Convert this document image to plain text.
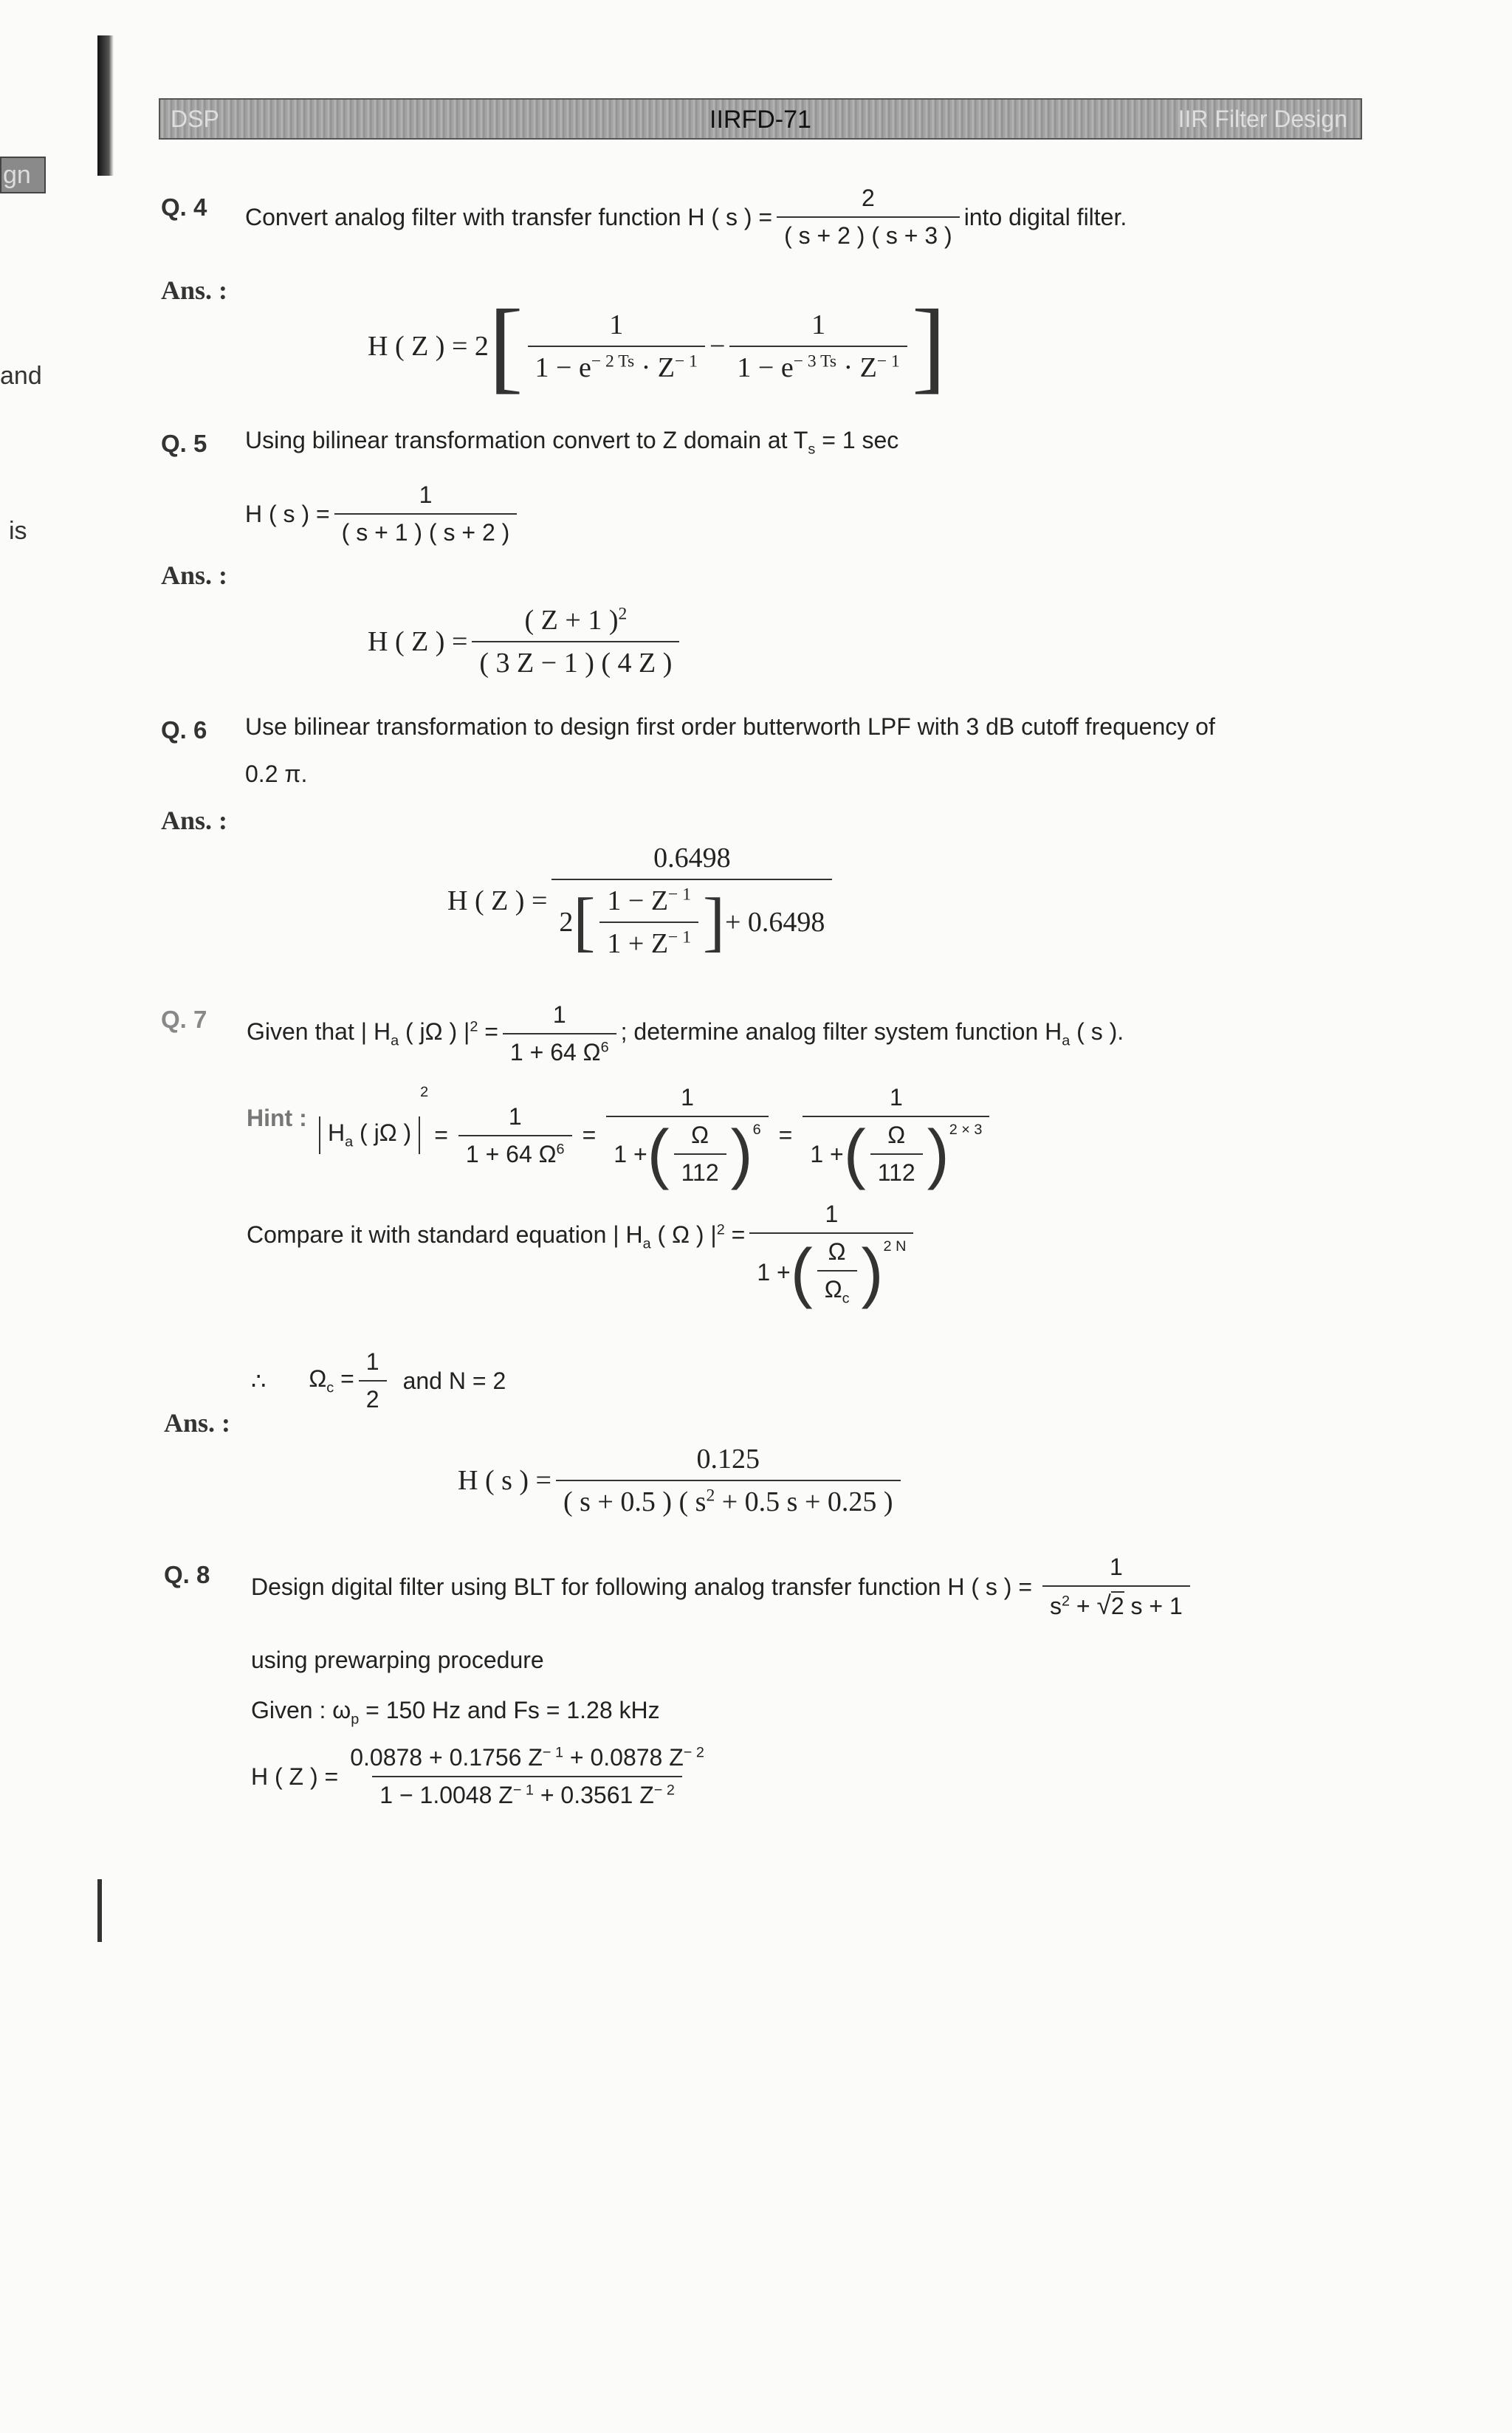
gn
and
is
DSP	IIRFD-71	IIR Filter Design
Q. 4 Convert analog filter with transfer function H ( s ) = $\frac{2}{( s + 2 ) ( s + 3 )}$ into digital filter.
Ans. :
H ( Z ) = 2 [ $\frac{1}{1 - e^{- 2 Ts} \cdot Z^{- 1}} - \frac{1}{1 - e^{- 3 Ts} \cdot Z^{- 1}}$ ]
Q. 5 Using bilinear transformation convert to Z domain at $T_s = 1$ sec
H ( s ) = $\frac{1}{( s + 1 ) ( s + 2 )}$
Ans. :
H ( Z ) = $\frac{( Z + 1 )^2}{( 3 Z - 1 ) ( 4 Z )}$
Q. 6 Use bilinear transformation to design first order butterworth LPF with 3 dB cutoff frequency of
0.2 π.
Ans. :
H ( Z ) =
0.6498
2 [ $\frac{1 - Z^{- 1}}{1 + Z^{- 1}}$ ] + 0.6498
Q. 7 Given that | $H_a$ ( jΩ ) $|^2 = \frac{1}{1 + 64 \Omega^6}$ ; determine analog filter system function $H_a$ ( s ).
Hint :
$H_a$ ( jΩ )
2
= $\frac{1}{1 + 64 \Omega^6} = \frac{1}{1 + ( \frac{\Omega}{112} )^6} = \frac{1}{1 + ( \frac{\Omega}{112} )^{2 \times 3}}$
Compare it with standard equation | $H_a$ ( Ω ) $|^2 = \frac{1}{1 + ( \frac{\Omega}{\Omega_c} )^{2 N}}$
∴ $\Omega_c = \frac{1}{2}$ and N = 2
Ans. :
H ( s ) = $\frac{0.125}{( s + 0.5 ) ( s^2 + 0.5 s + 0.25 )}$
Q. 8 Design digital filter using BLT for following analog transfer function H ( s ) = $\frac{1}{s^2 + √2 s + 1}$
using prewarping procedure
Given : $\omega_p = 150$ Hz and Fs = 1.28 kHz
H ( Z ) = $\frac{0.0878 + 0.1756 Z^{- 1} + 0.0878 Z^{- 2}}{1 - 1.0048 Z^{- 1} + 0.3561 Z^{- 2}}$
